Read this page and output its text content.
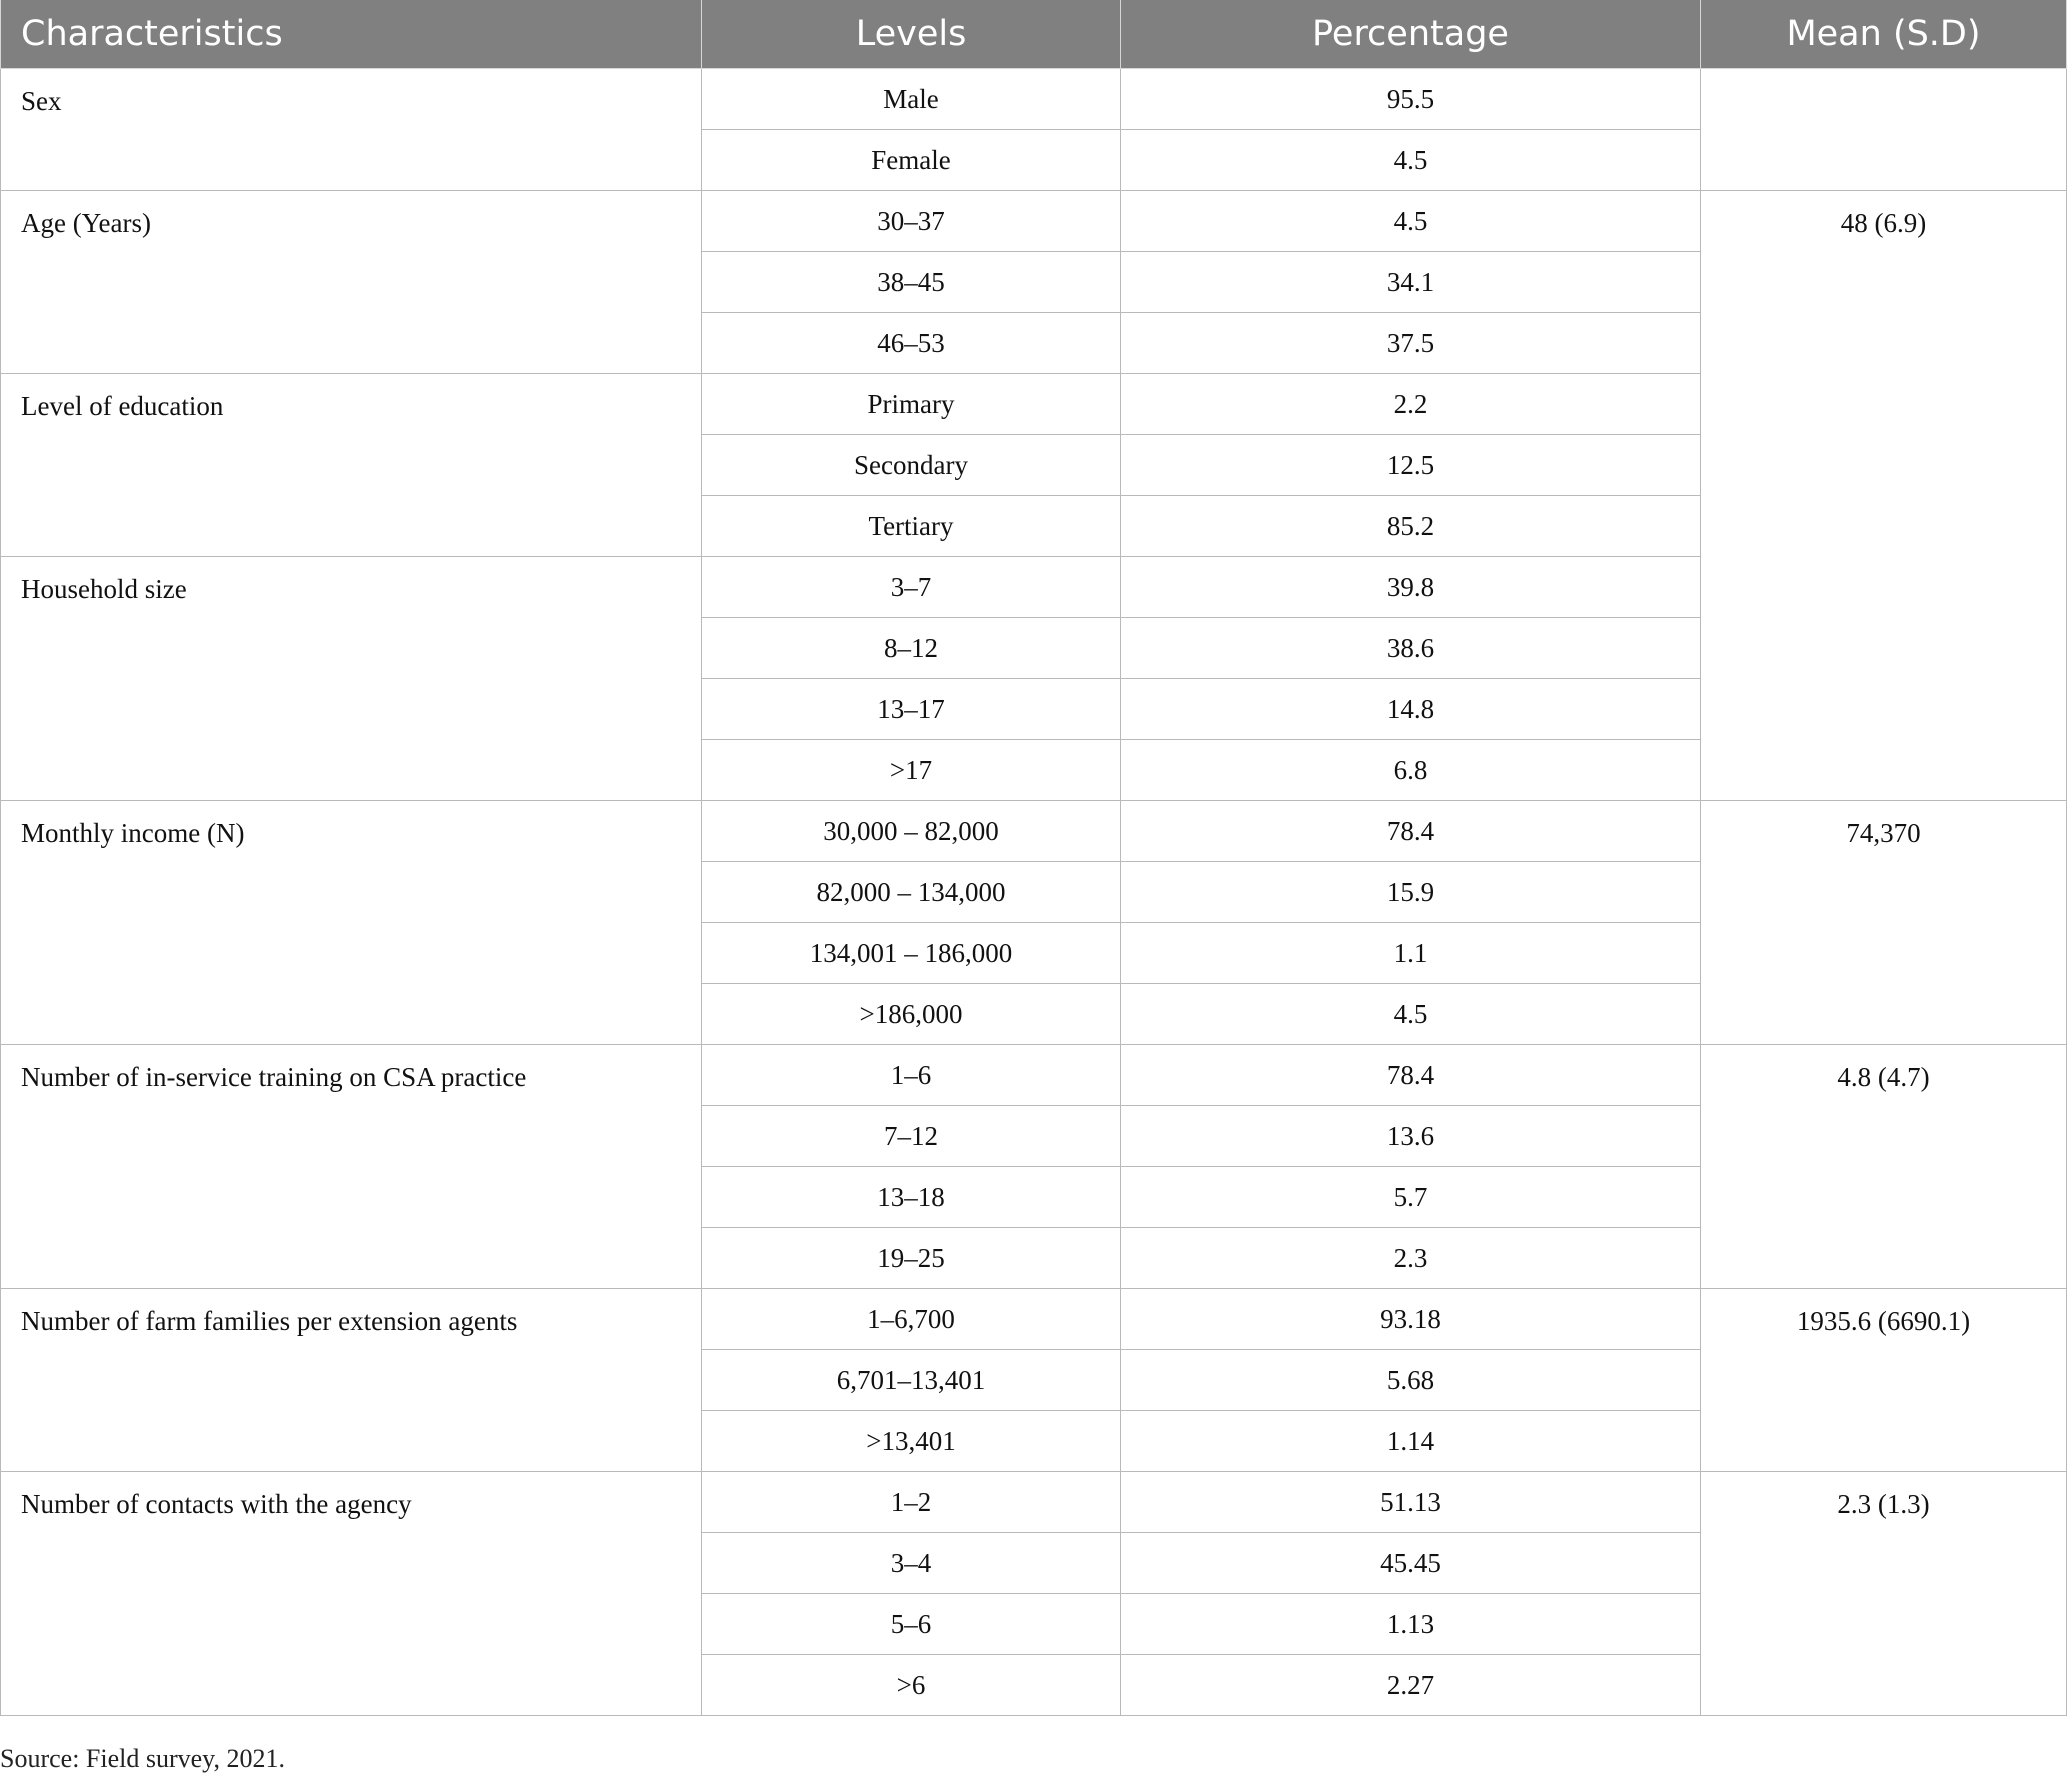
Characteristics	Levels	Percentage	Mean (S.D)
Sex	Male	95.5	
	Female	4.5	
Age (Years)	30–37	4.5	48 (6.9)
	38–45	34.1	
	46–53	37.5	
Level of education	Primary	2.2	
	Secondary	12.5	
	Tertiary	85.2	
Household size	3–7	39.8	
	8–12	38.6	
	13–17	14.8	
	>17	6.8	
Monthly income (N)	30,000 – 82,000	78.4	74,370
	82,000 – 134,000	15.9	
	134,001 – 186,000	1.1	
	>186,000	4.5	
Number of in-service training on CSA practice	1–6	78.4	4.8 (4.7)
	7–12	13.6	
	13–18	5.7	
	19–25	2.3	
Number of farm families per extension agents	1–6,700	93.18	1935.6 (6690.1)
	6,701–13,401	5.68	
	>13,401	1.14	
Number of contacts with the agency	1–2	51.13	2.3 (1.3)
	3–4	45.45	
	5–6	1.13	
	>6	2.27	
Source: Field survey, 2021.
